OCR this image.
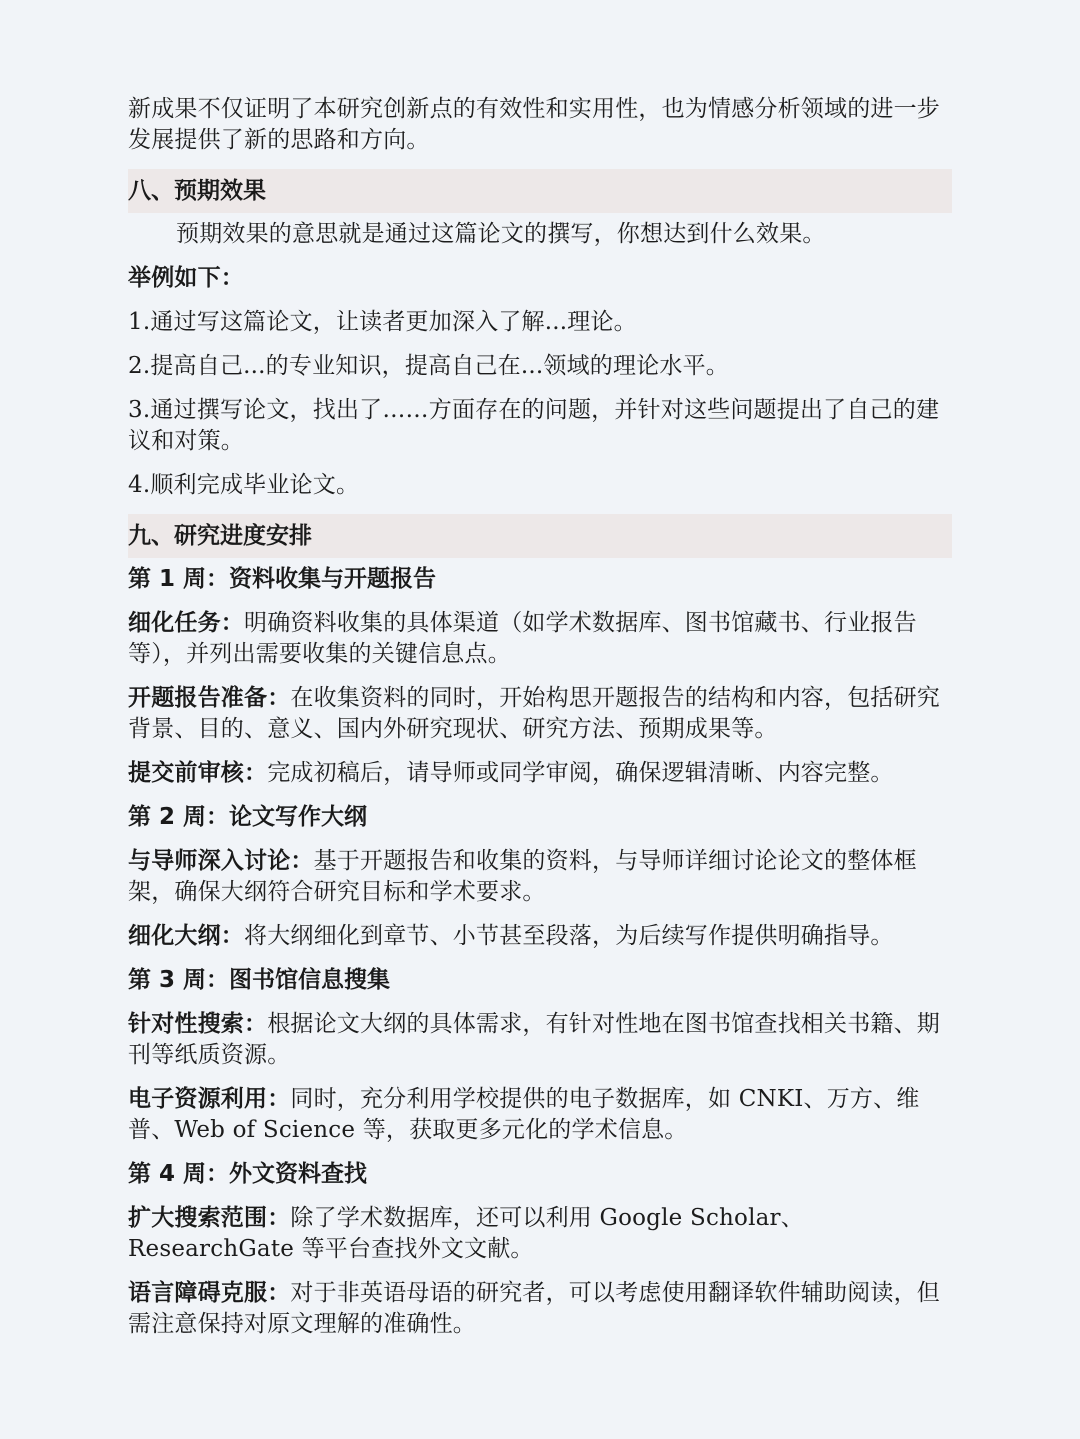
新成果不仅证明了本研究创新点的有效性和实用性，也为情感分析领域的进一步发展提供了新的思路和方向。

八、预期效果

预期效果的意思就是通过这篇论文的撰写，你想达到什么效果。

举例如下：

1.通过写这篇论文，让读者更加深入了解...理论。

2.提高自己...的专业知识，提高自己在...领域的理论水平。

3.通过撰写论文，找出了……方面存在的问题，并针对这些问题提出了自己的建议和对策。

4.顺利完成毕业论文。

九、研究进度安排
第 1 周：资料收集与开题报告

细化任务：明确资料收集的具体渠道（如学术数据库、图书馆藏书、行业报告等），并列出需要收集的关键信息点。

开题报告准备：在收集资料的同时，开始构思开题报告的结构和内容，包括研究背景、目的、意义、国内外研究现状、研究方法、预期成果等。

提交前审核：完成初稿后，请导师或同学审阅，确保逻辑清晰、内容完整。

第 2 周：论文写作大纲

与导师深入讨论：基于开题报告和收集的资料，与导师详细讨论论文的整体框架，确保大纲符合研究目标和学术要求。

细化大纲：将大纲细化到章节、小节甚至段落，为后续写作提供明确指导。

第 3 周：图书馆信息搜集

针对性搜索：根据论文大纲的具体需求，有针对性地在图书馆查找相关书籍、期刊等纸质资源。

电子资源利用：同时，充分利用学校提供的电子数据库，如 CNKI、万方、维普、Web of Science 等，获取更多元化的学术信息。

第 4 周：外文资料查找

扩大搜索范围：除了学术数据库，还可以利用 Google Scholar、ResearchGate 等平台查找外文文献。

语言障碍克服：对于非英语母语的研究者，可以考虑使用翻译软件辅助阅读，但需注意保持对原文理解的准确性。
